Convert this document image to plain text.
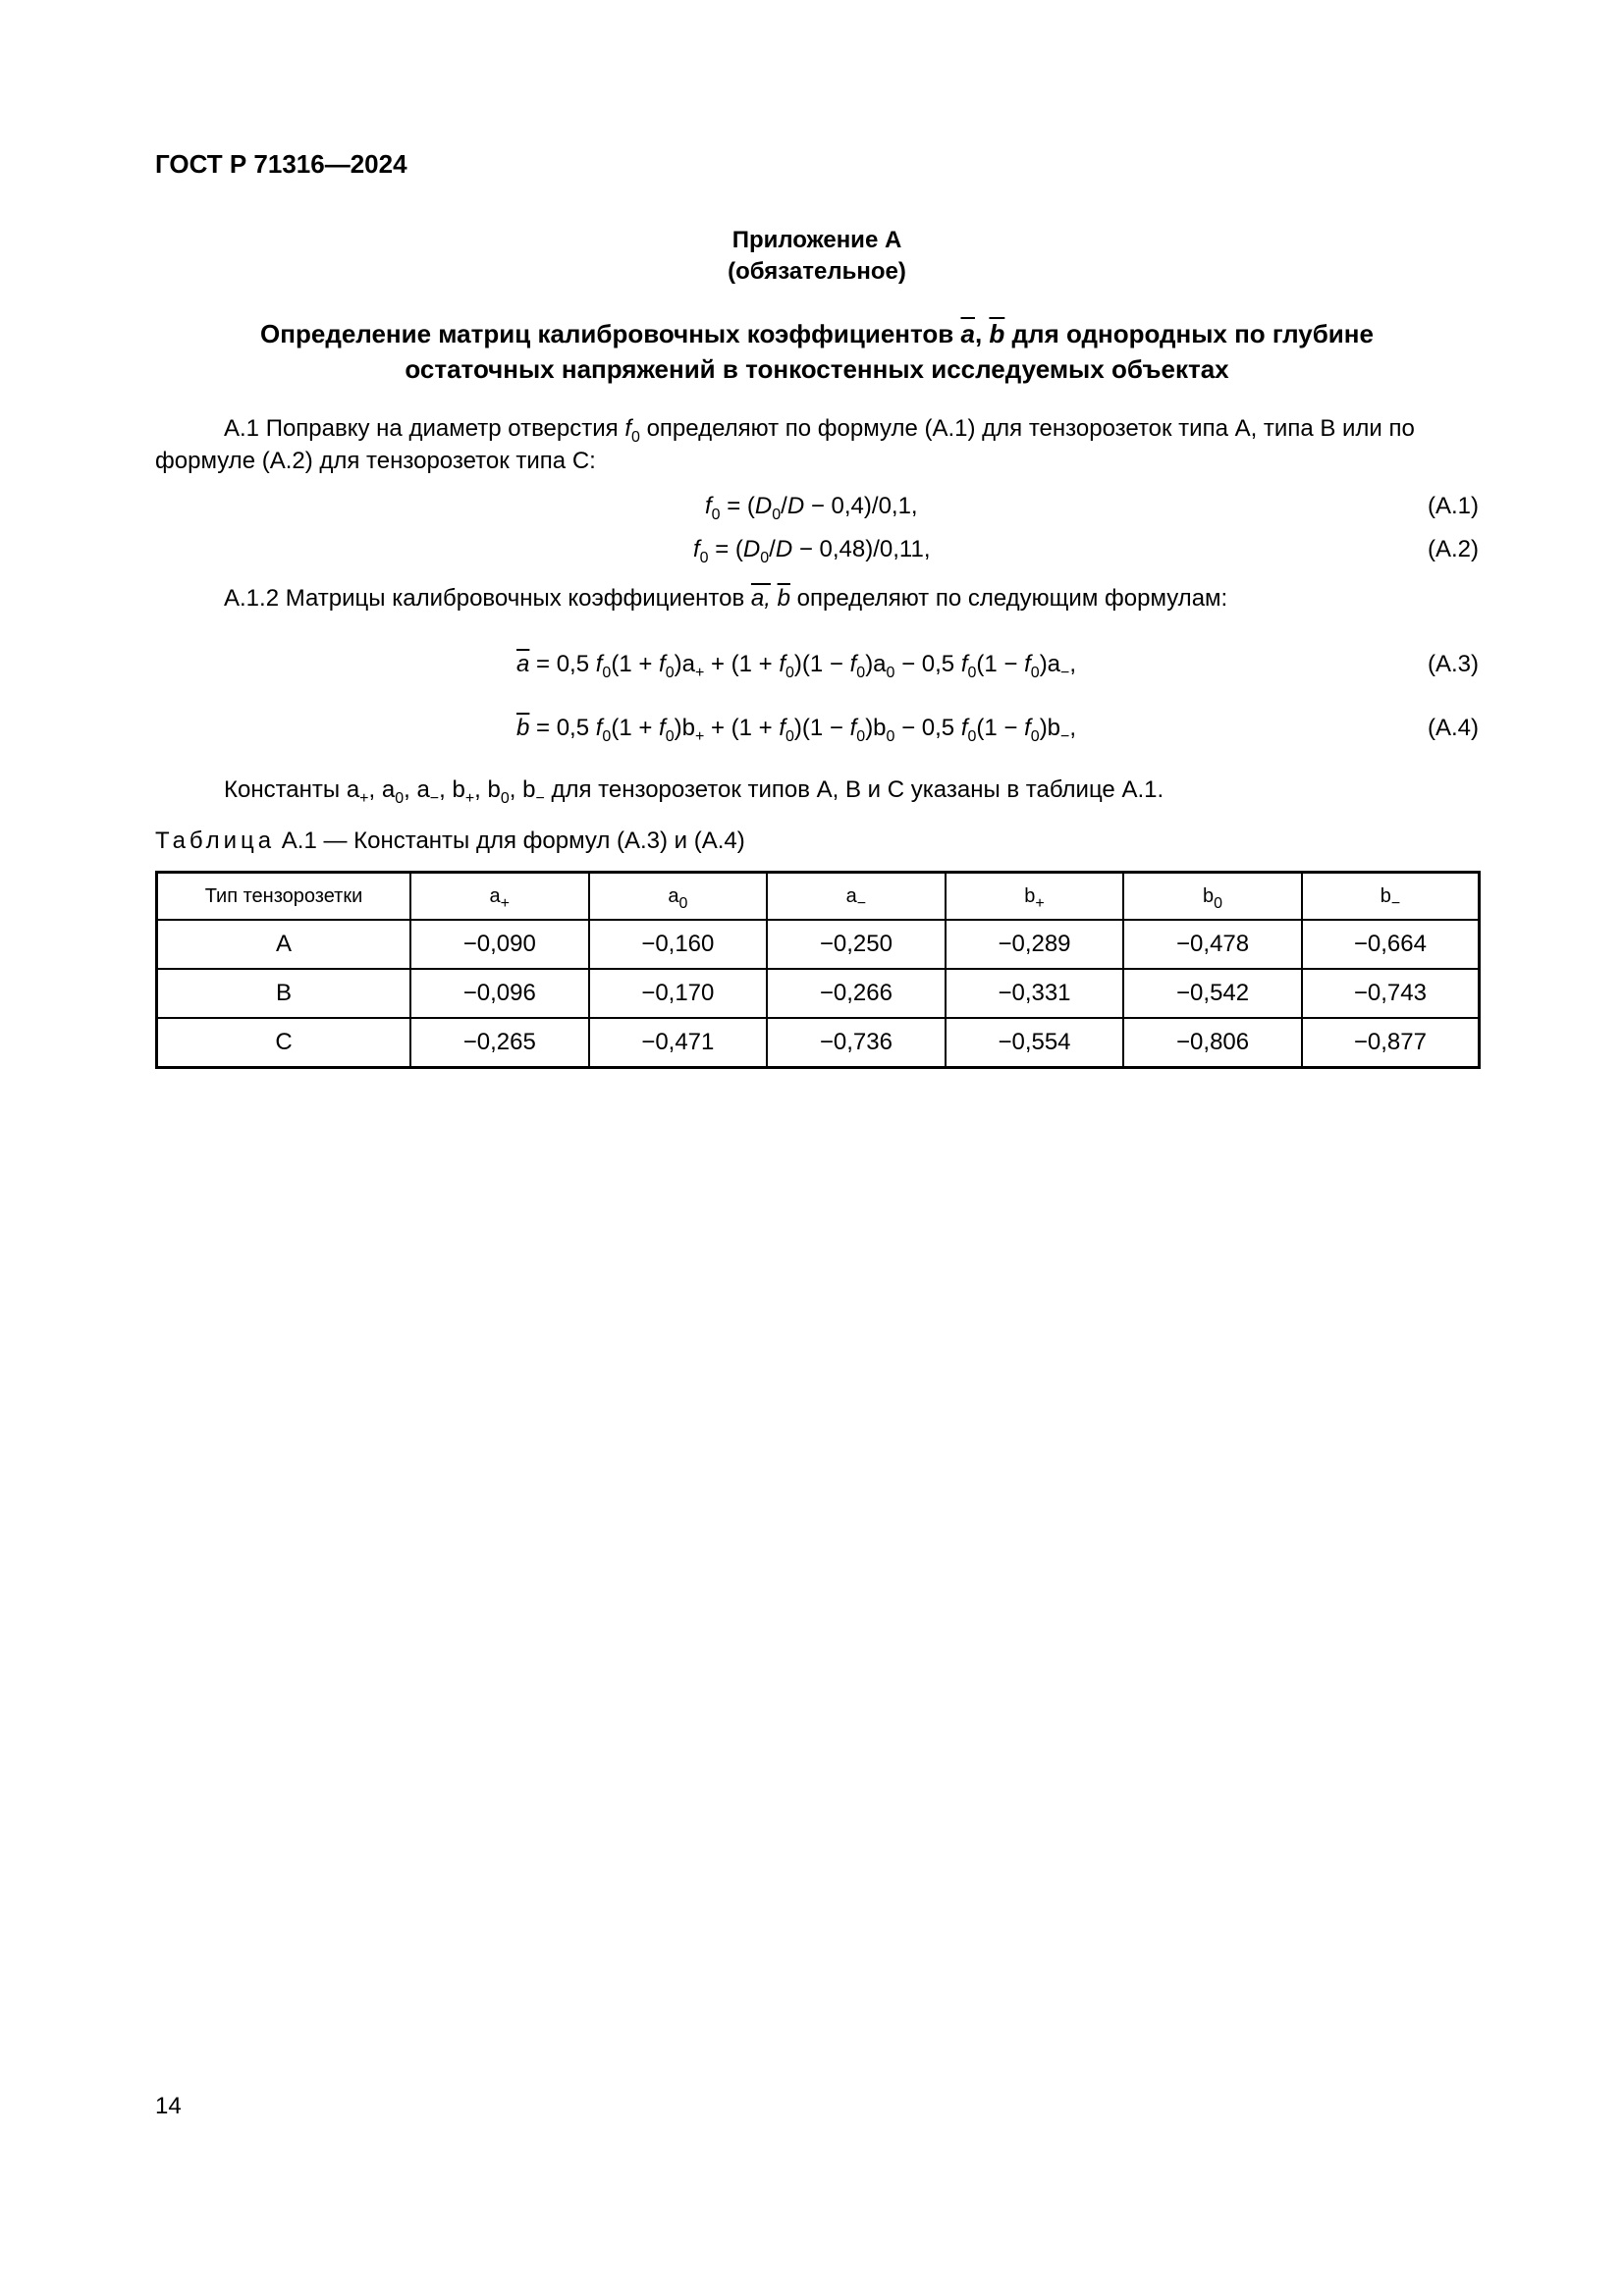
ГОСТ Р 71316—2024
Приложение А
(обязательное)
Определение матриц калибровочных коэффициентов $\overline{a}$, $\overline{b}$ для однородных по глубине
остаточных напряжений в тонкостенных исследуемых объектах
А.1 Поправку на диаметр отверстия $f_0$ определяют по формуле (А.1) для тензорозеток типа А, типа В или по формуле (А.2) для тензорозеток типа С:
$f_0 = (D_0/D - 0,4)/0,1$,	(А.1)
$f_0 = (D_0/D - 0,48)/0,11$,	(А.2)
А.1.2 Матрицы калибровочных коэффициентов a, $\overline{b}$ определяют по следующим формулам:
$\overline{a} = 0,5$ $f_0(1 + f_0)a_+ + (1 + f_0)(1 - f_0)a_0 - 0,5$ $f_0(1 - f_0)a_-$,	(А.3)
$\overline{b} = 0,5$ $f_0(1 + f_0)b_+ + (1 + f_0)(1 - f_0)b_0 - 0,5$ $f_0(1 - f_0)b_-$,	(А.4)
Константы $a_+$, $a_0$, $a_-$, $b_+$, $b_0$, $b_-$ для тензорозеток типов А, В и С указаны в таблице А.1.
Таблица А.1 — Константы для формул (А.3) и (А.4)
Тип тензорозетки	$a_+$	$a_0$	$a_-$	$b_+$	$b_0$	$b_-$
А	−0,090	−0,160	−0,250	−0,289	−0,478	−0,664
В	−0,096	−0,170	−0,266	−0,331	−0,542	−0,743
С	−0,265	−0,471	−0,736	−0,554	−0,806	−0,877
14
